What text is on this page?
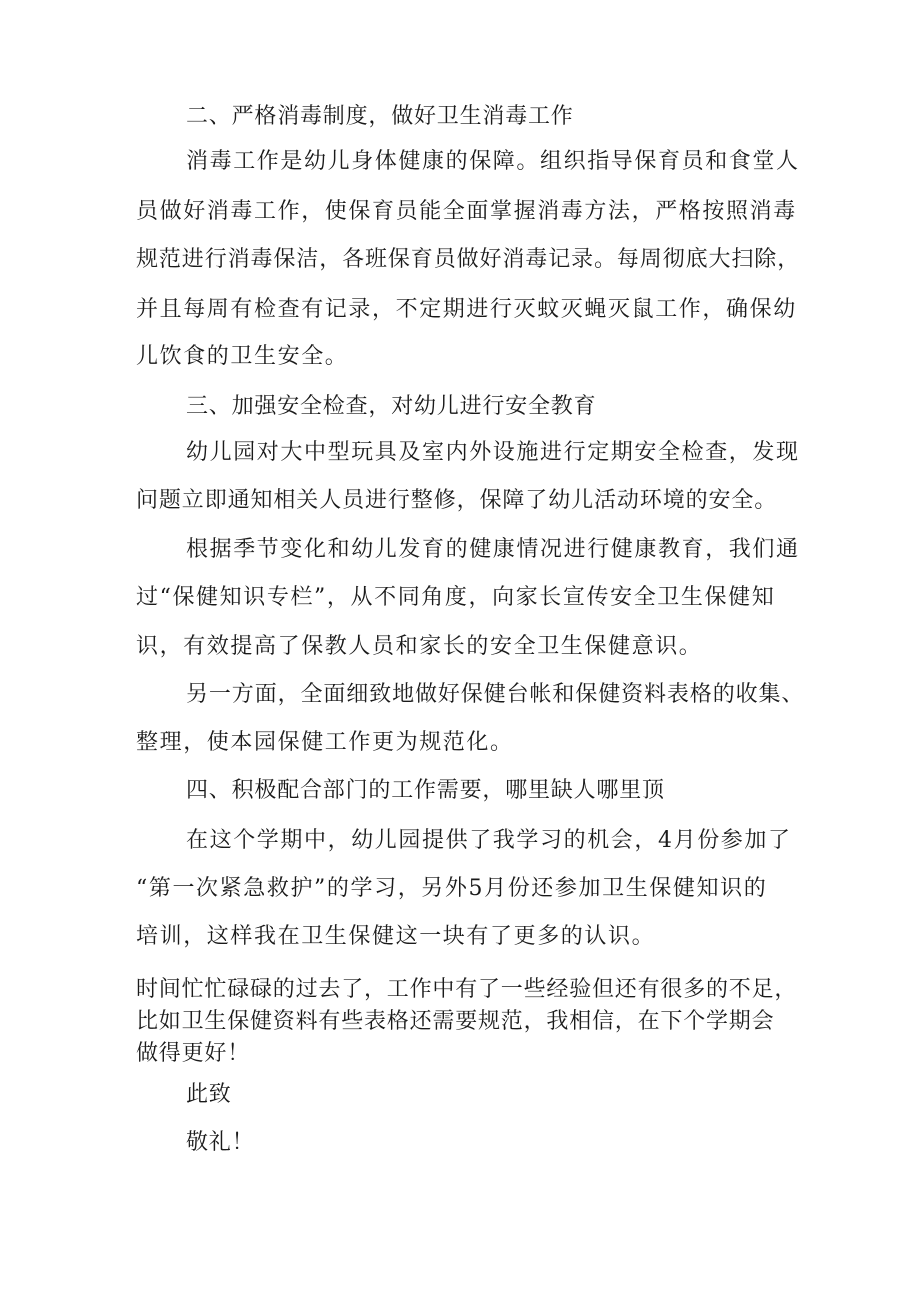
二、严格消毒制度，做好卫生消毒工作

消毒工作是幼儿身体健康的保障。组织指导保育员和食堂人

员做好消毒工作，使保育员能全面掌握消毒方法，严格按照消毒

规范进行消毒保洁，各班保育员做好消毒记录。每周彻底大扫除，

并且每周有检查有记录，不定期进行灭蚊灭蝇灭鼠工作，确保幼

儿饮食的卫生安全。

三、加强安全检查，对幼儿进行安全教育

幼儿园对大中型玩具及室内外设施进行定期安全检查，发现

问题立即通知相关人员进行整修，保障了幼儿活动环境的安全。

根据季节变化和幼儿发育的健康情况进行健康教育，我们通

过“保健知识专栏”，从不同角度，向家长宣传安全卫生保健知

识，有效提高了保教人员和家长的安全卫生保健意识。

另一方面，全面细致地做好保健台帐和保健资料表格的收集、

整理，使本园保健工作更为规范化。

四、积极配合部门的工作需要，哪里缺人哪里顶

在这个学期中，幼儿园提供了我学习的机会，4月份参加了

“第一次紧急救护”的学习，另外5月份还参加卫生保健知识的

培训，这样我在卫生保健这一块有了更多的认识。

时间忙忙碌碌的过去了，工作中有了一些经验但还有很多的不足，

比如卫生保健资料有些表格还需要规范，我相信，在下个学期会

做得更好！

此致

敬礼！
